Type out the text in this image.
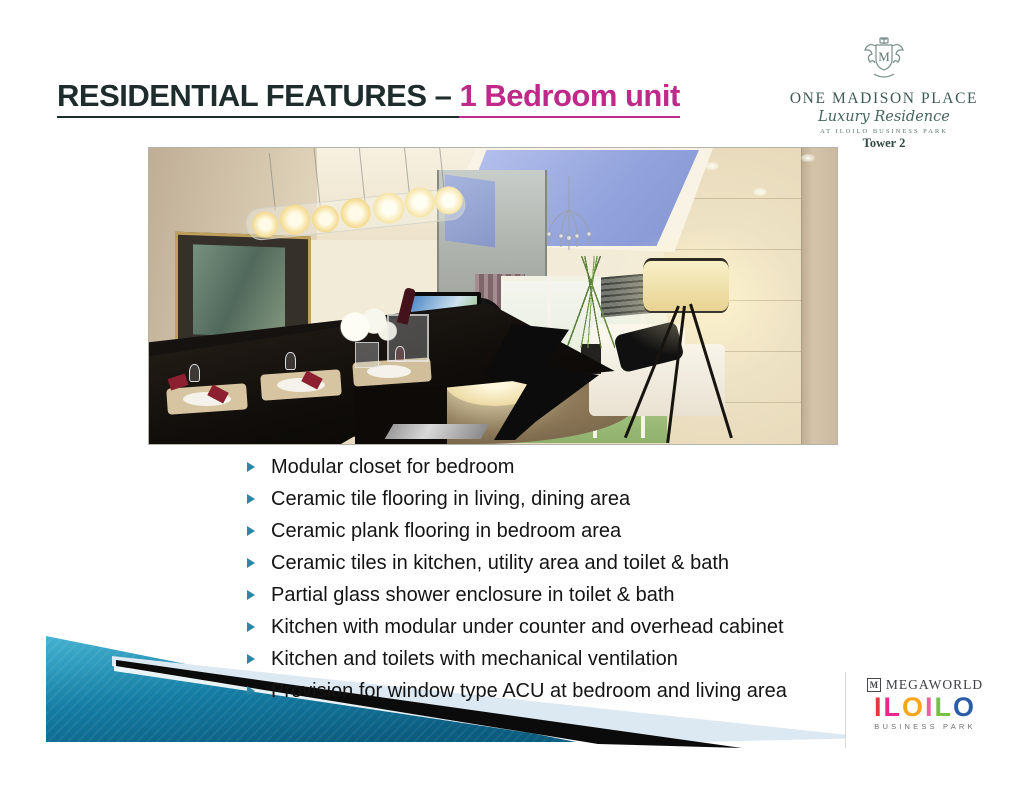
RESIDENTIAL FEATURES – 1 Bedroom unit
M
ONE MADISON PLACE
Luxury Residence
AT ILOILO BUSINESS PARK
Tower 2
Modular closet for bedroom
Ceramic tile flooring in living, dining area
Ceramic plank flooring in bedroom area
Ceramic tiles in kitchen, utility area and toilet & bath
Partial glass shower enclosure in toilet & bath
Kitchen with modular under counter and overhead cabinet
Kitchen and toilets with mechanical ventilation
Provision for window type ACU at bedroom and living area	M MEGAWORLD
ILOILO
BUSINESS PARK
